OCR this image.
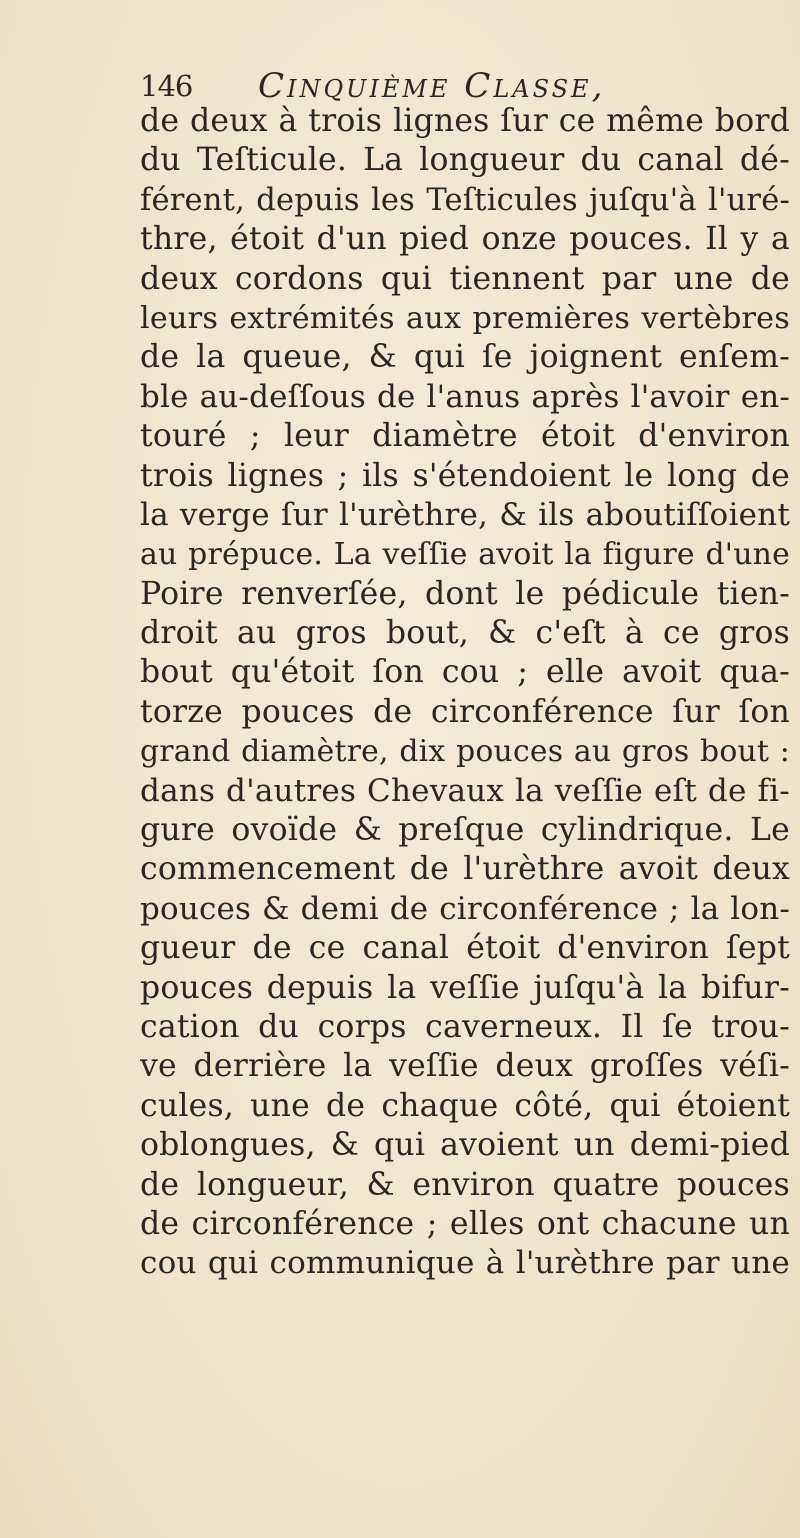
146 Cinquième Classe,
de deux à trois lignes ſur ce même bord
du Teſticule. La longueur du canal dé-
férent, depuis les Teſticules juſqu'à l'uré-
thre, étoit d'un pied onze pouces. Il y a
deux cordons qui tiennent par une de
leurs extrémités aux premières vertèbres
de la queue, & qui ſe joignent enſem-
ble au-deſſous de l'anus après l'avoir en-
touré ; leur diamètre étoit d'environ
trois lignes ; ils s'étendoient le long de
la verge ſur l'urèthre, & ils aboutiſſoient
au prépuce. La veſſie avoit la figure d'une
Poire renverſée, dont le pédicule tien-
droit au gros bout, & c'eſt à ce gros
bout qu'étoit ſon cou ; elle avoit qua-
torze pouces de circonférence ſur ſon
grand diamètre, dix pouces au gros bout :
dans d'autres Chevaux la veſſie eſt de fi-
gure ovoïde & preſque cylindrique. Le
commencement de l'urèthre avoit deux
pouces & demi de circonférence ; la lon-
gueur de ce canal étoit d'environ ſept
pouces depuis la veſſie juſqu'à la bifur-
cation du corps caverneux. Il ſe trou-
ve derrière la veſſie deux groſſes véſi-
cules, une de chaque côté, qui étoient
oblongues, & qui avoient un demi-pied
de longueur, & environ quatre pouces
de circonférence ; elles ont chacune un
cou qui communique à l'urèthre par une
